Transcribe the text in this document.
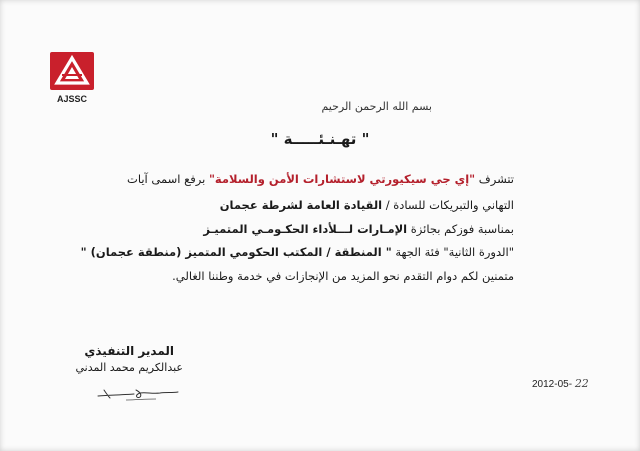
AJSSC
بسم الله الرحمن الرحيم
" تهـنـئـــــة "
تتشرف "إي جي سيكيورتي لاستشارات الأمن والسلامة" برفع اسمى آيات
التهاني والتبريكات للسادة / القيادة العامة لشرطة عجمان
بمناسبة فوزكم بجائزة الإمـارات لـــلأداء الحكـومـي المتميـز
"الدورة الثانية" فئة الجهة " المنطقة / المكتب الحكومي المتميز (منطقة عجمان) "
متمنين لكم دوام التقدم نحو المزيد من الإنجازات في خدمة وطننا الغالي.
المدير التنفيذي
عبدالكريم محمد المدني
2012-05- 22
